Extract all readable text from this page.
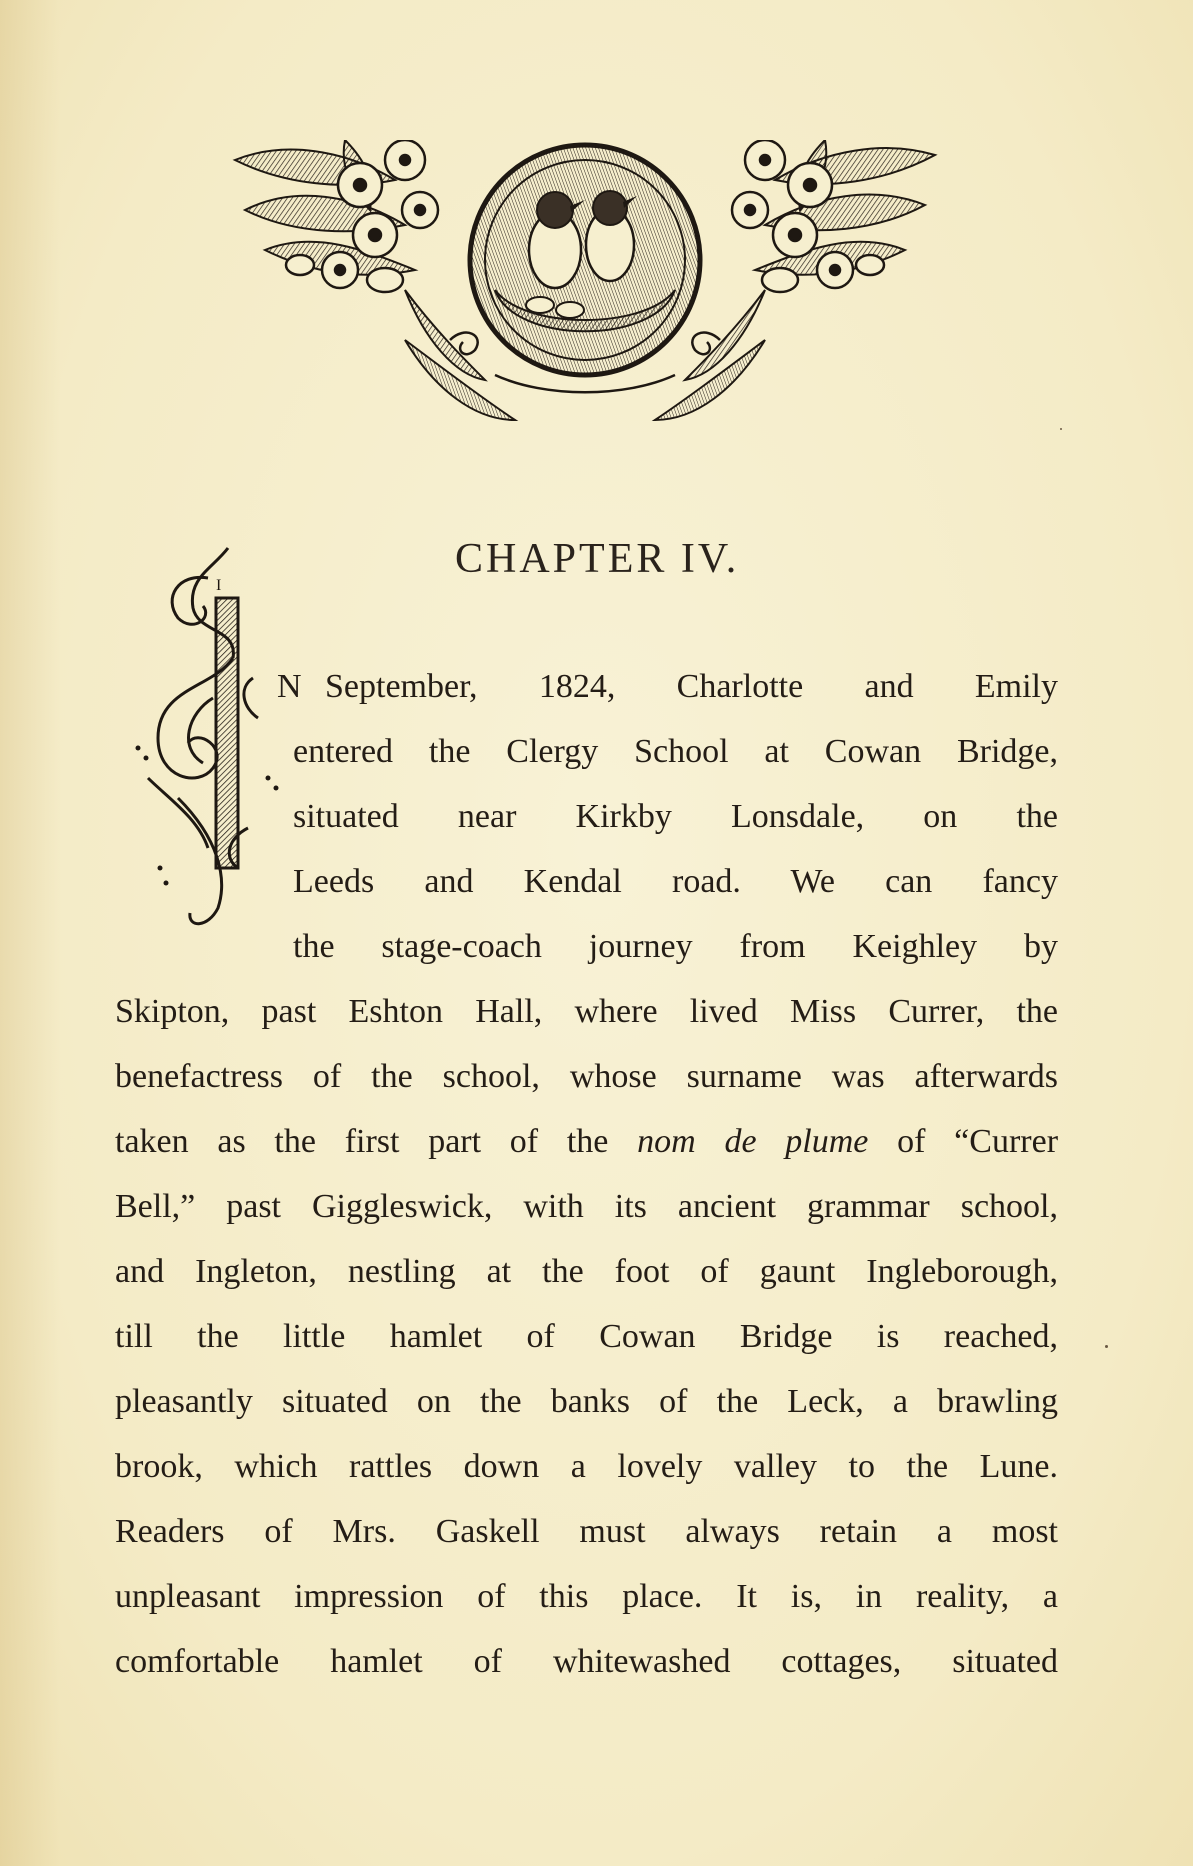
CHAPTER IV.
I
N September, 1824, Charlotte and Emily
entered the Clergy School at Cowan Bridge,
situated near Kirkby Lonsdale, on the
Leeds and Kendal road. We can fancy
the stage-coach journey from Keighley by
Skipton, past Eshton Hall, where lived Miss Currer, the
benefactress of the school, whose surname was afterwards
taken as the first part of the nom de plume of “Currer
Bell,” past Giggleswick, with its ancient grammar school,
and Ingleton, nestling at the foot of gaunt Ingleborough,
till the little hamlet of Cowan Bridge is reached,
pleasantly situated on the banks of the Leck, a brawling
brook, which rattles down a lovely valley to the Lune.
Readers of Mrs. Gaskell must always retain a most
unpleasant impression of this place. It is, in reality, a
comfortable hamlet of whitewashed cottages, situated
